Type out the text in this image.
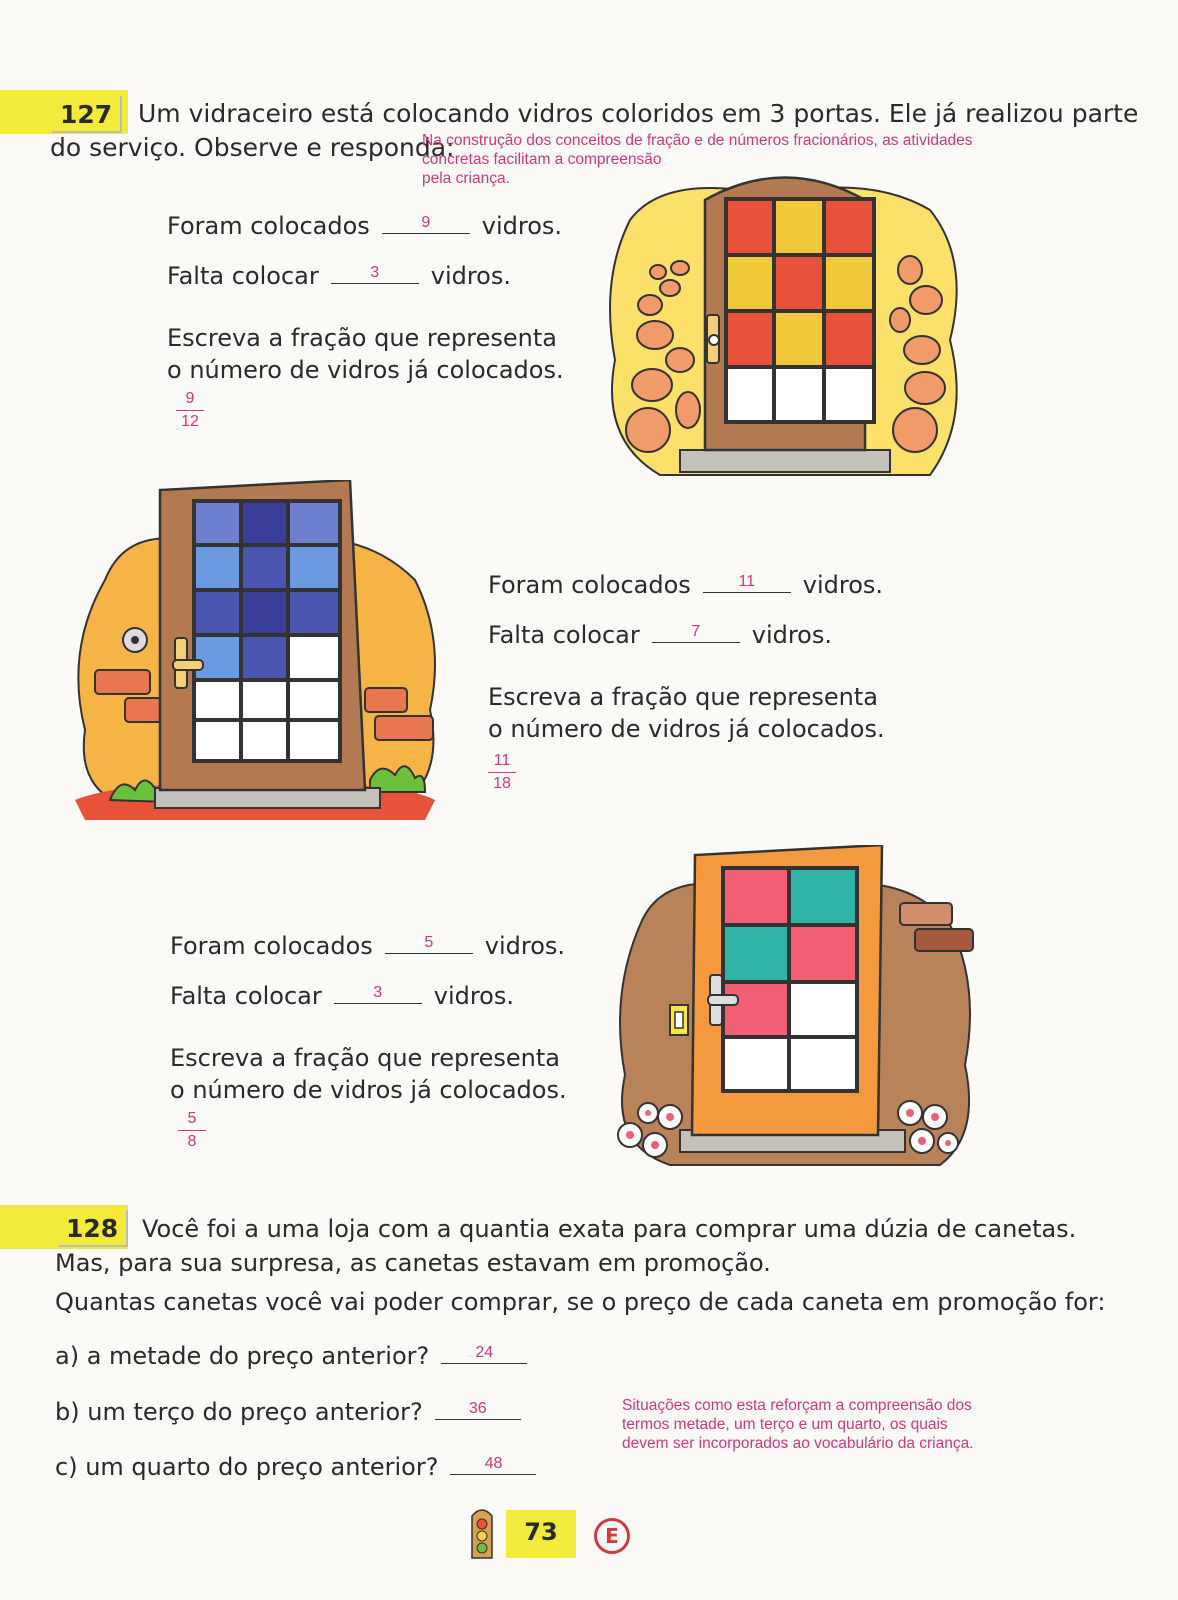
127	Um vidraceiro está colocando vidros coloridos em 3 portas. Ele já realizou parte
do serviço. Observe e responda:
Na construção dos conceitos de fração e de números fracionários, as atividades
concretas facilitam a compreensão
pela criança.
Foram colocados	9	vidros.
Falta colocar	3	vidros.
Escreva a fração que representa
o número de vidros já colocados.
$\frac{9}{12}$
Foram colocados	11	vidros.
Falta colocar	7	vidros.
Escreva a fração que representa
o número de vidros já colocados.
$\frac{11}{18}$
Foram colocados	5	vidros.
Falta colocar	3	vidros.
Escreva a fração que representa
o número de vidros já colocados.
$\frac{5}{8}$
128 Você foi a uma loja com a quantia exata para comprar uma dúzia de canetas.
Mas, para sua surpresa, as canetas estavam em promoção.
Quantas canetas você vai poder comprar, se o preço de cada caneta em promoção for:
a) a metade do preço anterior?	24
b) um terço do preço anterior?	36
c) um quarto do preço anterior?	48
Situações como esta reforçam a compreensão dos
termos metade, um terço e um quarto, os quais
devem ser incorporados ao vocabulário da criança.
73	E
